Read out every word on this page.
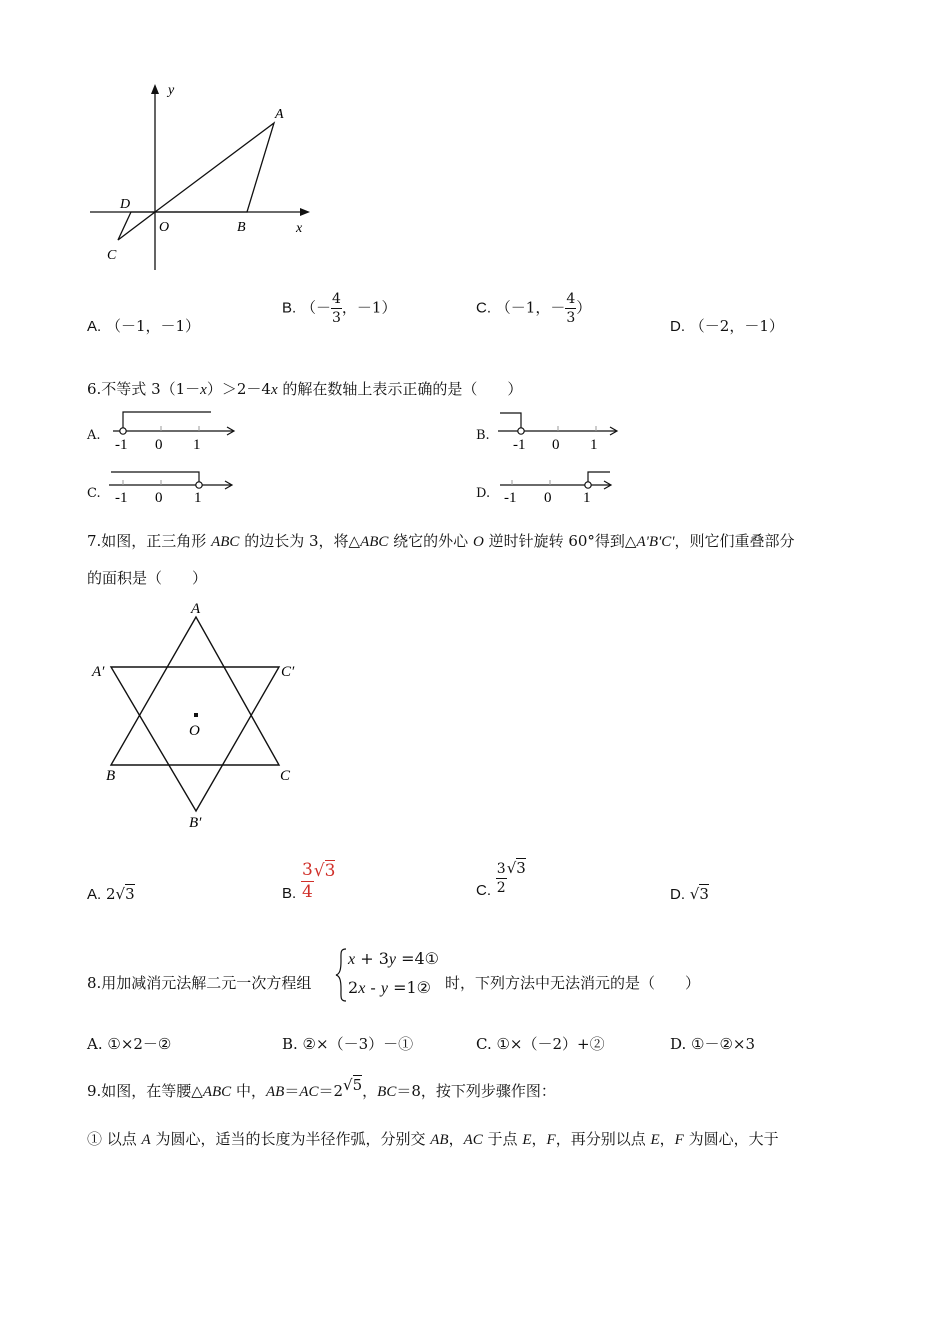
y
A
D
O	B	x
C
A. （－1，－1）
B. （－ $\frac{4}{3}$ ，－1）	C. （－1，－ $\frac{4}{3}$ ）
D. （－2，－1）
6.不等式 3（1－x）＞2－4x 的解在数轴上表示正确的是（　　）
A.
-1 0 1
B.
-1 0 1
C. -1 0 1	D. -1 0 1
7.如图，正三角形 ABC 的边长为 3，将△ABC 绕它的外心 O 逆时针旋转 60°得到△A'B'C'，则它们重叠部分
的面积是（　　）
A
A′	C′
O
B	C
B′
A. 2√3	B. $\frac{3}{4} √3$
C. $\frac{3}{2} √3$
D. √3
8.用加减消元法解二元一次方程组
x + 3y =4①
2x - y =1② 时，下列方法中无法消元的是（　　）
A. ①×2－②	B. ②×（－3）－①	C. ①×（－2）+②	D. ①－②×3
9.如图，在等腰△ABC 中，AB＝AC＝2√5，BC＝8，按下列步骤作图：
① 以点 A 为圆心，适当的长度为半径作弧，分别交 AB，AC 于点 E，F，再分别以点 E，F 为圆心，大于
